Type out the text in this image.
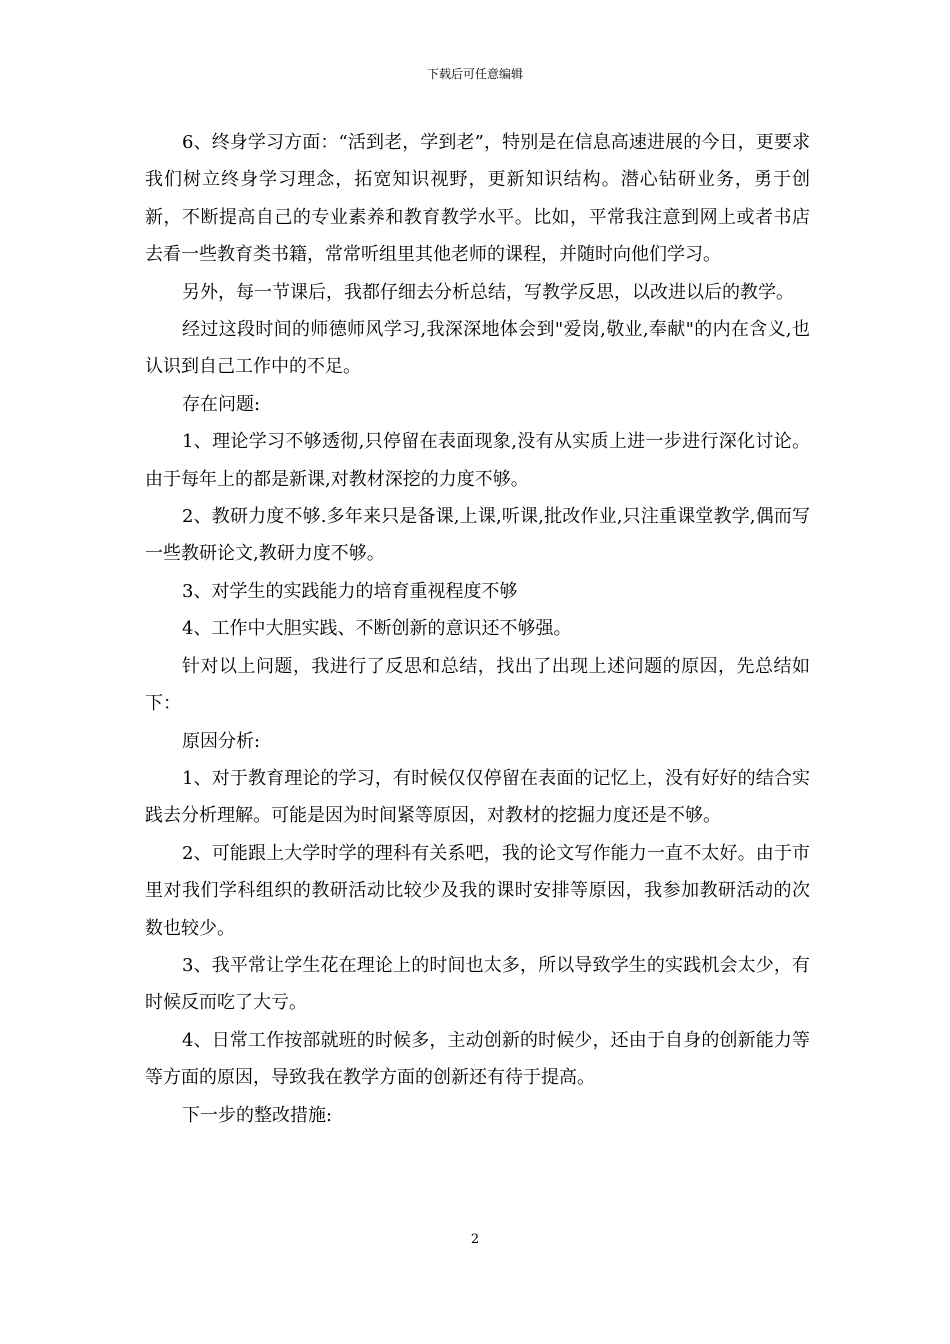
下载后可任意编辑

6、终身学习方面：“活到老，学到老”，特别是在信息高速进展的今日，更要求我们树立终身学习理念，拓宽知识视野，更新知识结构。潜心钻研业务，勇于创新，不断提高自己的专业素养和教育教学水平。比如，平常我注意到网上或者书店去看一些教育类书籍，常常听组里其他老师的课程，并随时向他们学习。

另外，每一节课后，我都仔细去分析总结，写教学反思，以改进以后的教学。

经过这段时间的师德师风学习,我深深地体会到"爱岗,敬业,奉献"的内在含义,也认识到自己工作中的不足。

存在问题:

1、理论学习不够透彻,只停留在表面现象,没有从实质上进一步进行深化讨论。由于每年上的都是新课,对教材深挖的力度不够。

2、教研力度不够.多年来只是备课,上课,听课,批改作业,只注重课堂教学,偶而写一些教研论文,教研力度不够。

3、对学生的实践能力的培育重视程度不够

4、工作中大胆实践、不断创新的意识还不够强。

针对以上问题，我进行了反思和总结，找出了出现上述问题的原因，先总结如下：

原因分析:

1、对于教育理论的学习，有时候仅仅停留在表面的记忆上，没有好好的结合实践去分析理解。可能是因为时间紧等原因，对教材的挖掘力度还是不够。

2、可能跟上大学时学的理科有关系吧，我的论文写作能力一直不太好。由于市里对我们学科组织的教研活动比较少及我的课时安排等原因，我参加教研活动的次数也较少。

3、我平常让学生花在理论上的时间也太多，所以导致学生的实践机会太少，有时候反而吃了大亏。

4、日常工作按部就班的时候多，主动创新的时候少，还由于自身的创新能力等等方面的原因，导致我在教学方面的创新还有待于提高。

下一步的整改措施:

2
